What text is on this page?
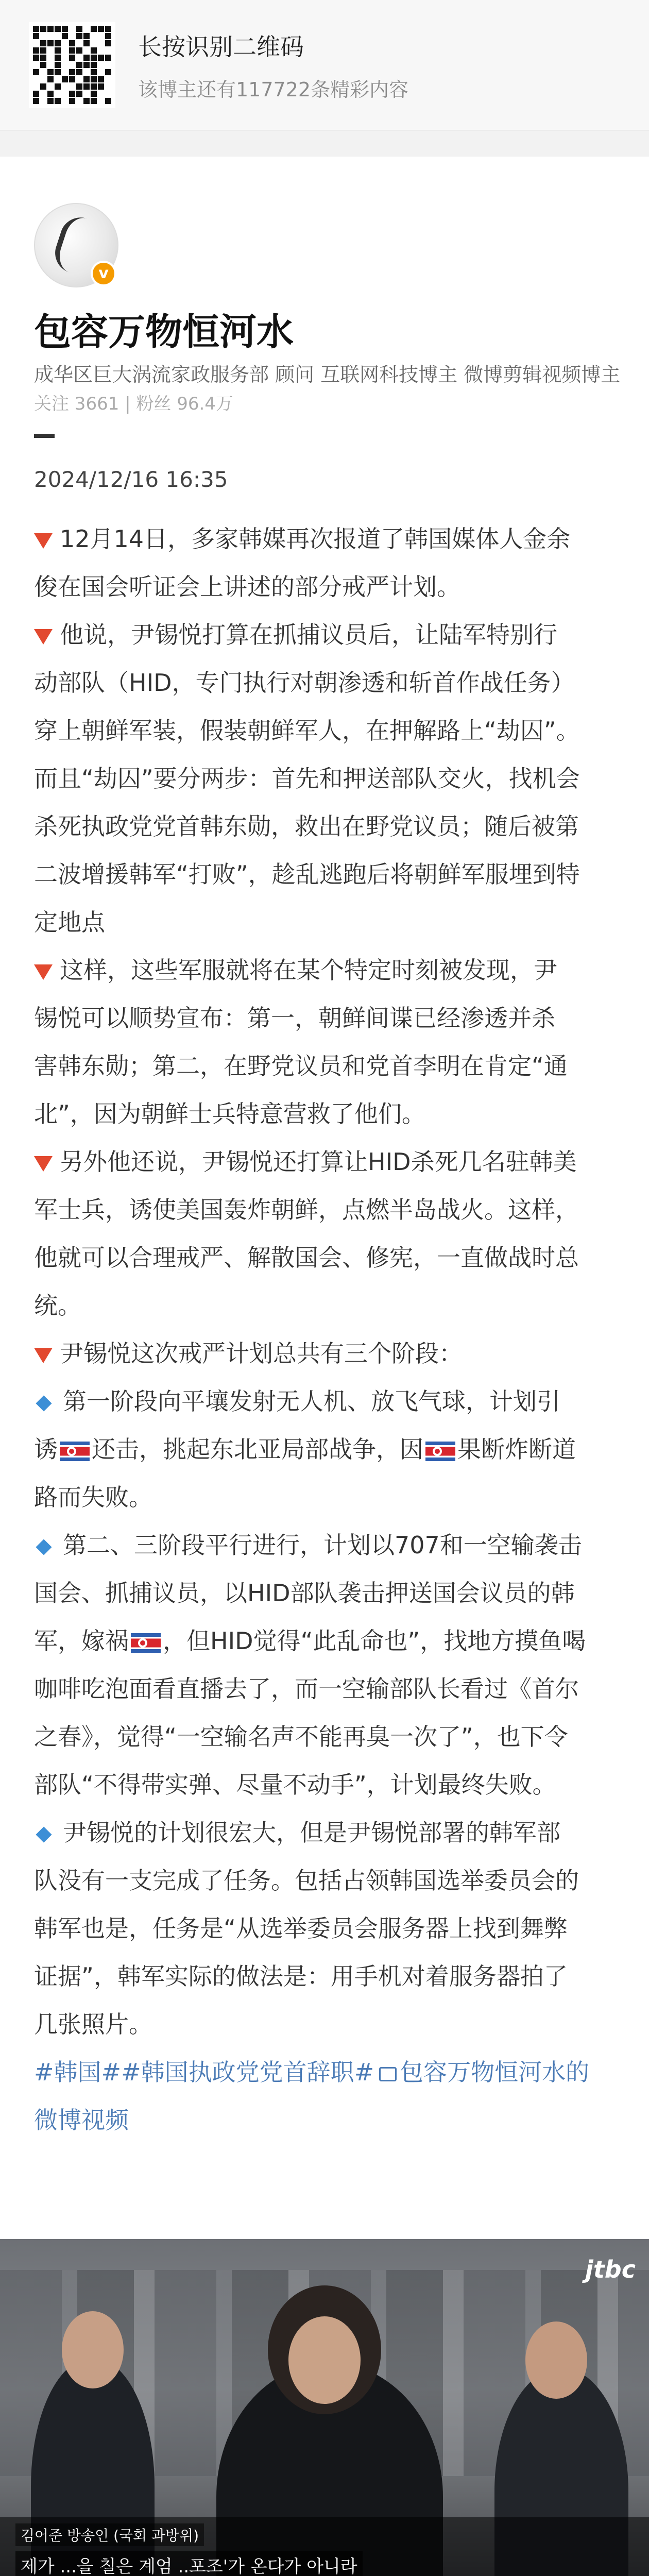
长按识别二维码
该博主还有117722条精彩内容
v
包容万物恒河水
成华区巨大涡流家政服务部 顾问 互联网科技博主 微博剪辑视频博主
关注 3661 | 粉丝 96.4万
2024/12/16 16:35
12月14日，多家韩媒再次报道了韩国媒体人金余
俊在国会听证会上讲述的部分戒严计划。
他说，尹锡悦打算在抓捕议员后，让陆军特别行
动部队（HID，专门执行对朝渗透和斩首作战任务）
穿上朝鲜军装，假装朝鲜军人，在押解路上“劫囚”。
而且“劫囚”要分两步：首先和押送部队交火，找机会
杀死执政党党首韩东勋，救出在野党议员；随后被第
二波增援韩军“打败”，趁乱逃跑后将朝鲜军服埋到特
定地点
这样，这些军服就将在某个特定时刻被发现，尹
锡悦可以顺势宣布：第一，朝鲜间谍已经渗透并杀
害韩东勋；第二，在野党议员和党首李明在肯定“通
北”，因为朝鲜士兵特意营救了他们。
另外他还说，尹锡悦还打算让HID杀死几名驻韩美
军士兵，诱使美国轰炸朝鲜，点燃半岛战火。这样，
他就可以合理戒严、解散国会、修宪，一直做战时总
统。
尹锡悦这次戒严计划总共有三个阶段：
第一阶段向平壤发射无人机、放飞气球，计划引
诱 还击，挑起东北亚局部战争，因 果断炸断道
路而失败。
第二、三阶段平行进行，计划以707和一空输袭击
国会、抓捕议员，以HID部队袭击押送国会议员的韩
军，嫁祸 ，但HID觉得“此乱命也”，找地方摸鱼喝
咖啡吃泡面看直播去了，而一空输部队长看过《首尔
之春》，觉得“一空输名声不能再臭一次了”，也下令
部队“不得带实弹、尽量不动手”，计划最终失败。
尹锡悦的计划很宏大，但是尹锡悦部署的韩军部
队没有一支完成了任务。包括占领韩国选举委员会的
韩军也是，任务是“从选举委员会服务器上找到舞弊
证据”，韩军实际的做法是：用手机对着服务器拍了
几张照片。
#韩国##韩国执政党党首辞职# 包容万物恒河水的
微博视频
jtbc
김어준 방송인 (국회 과방위)
제가 ...을 칠은 계엄 ..포조'가 온다가 아니라
